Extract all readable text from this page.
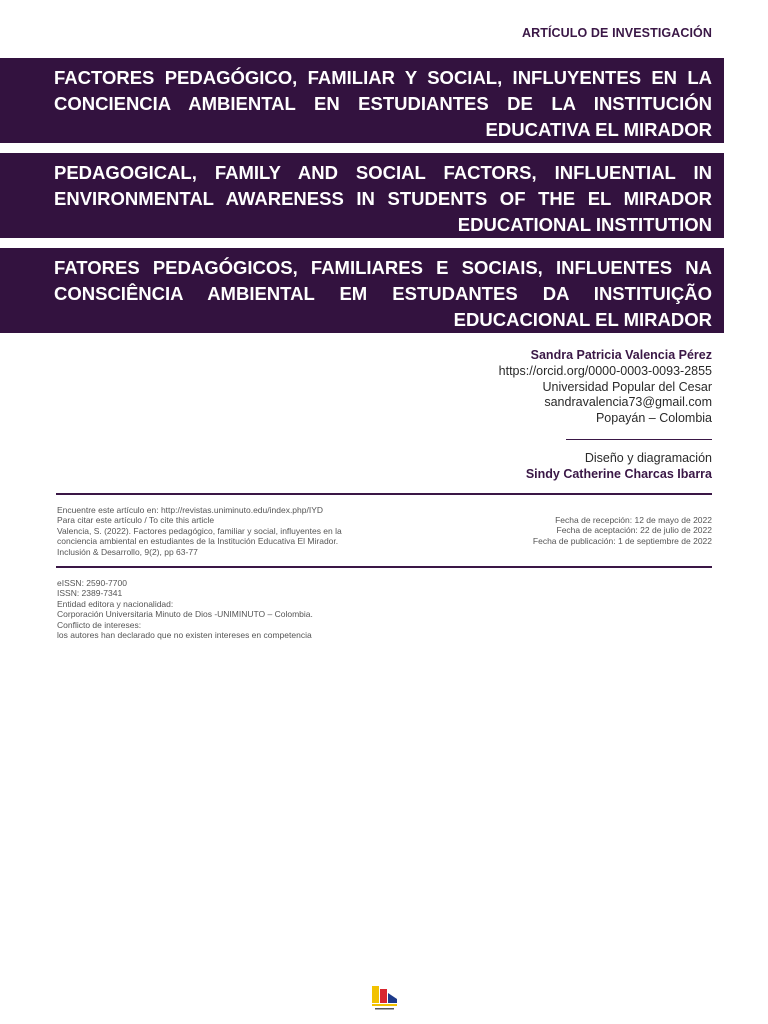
ARTÍCULO DE INVESTIGACIÓN
FACTORES PEDAGÓGICO, FAMILIAR Y SOCIAL, INFLUYENTES EN LA CONCIENCIA AMBIENTAL EN ESTUDIANTES DE LA INSTITUCIÓN EDUCATIVA EL MIRADOR
PEDAGOGICAL, FAMILY AND SOCIAL FACTORS, INFLUENTIAL IN ENVIRONMENTAL AWARENESS IN STUDENTS OF THE EL MIRADOR EDUCATIONAL INSTITUTION
FATORES PEDAGÓGICOS, FAMILIARES E SOCIAIS, INFLUENTES NA CONSCIÊNCIA AMBIENTAL EM ESTUDANTES DA INSTITUIÇÃO EDUCACIONAL EL MIRADOR
Sandra Patricia Valencia Pérez
https://orcid.org/0000-0003-0093-2855
Universidad Popular del Cesar
sandravalencia73@gmail.com
Popayán – Colombia
Diseño y diagramación
Sindy Catherine Charcas Ibarra
Encuentre este artículo en: http://revistas.uniminuto.edu/index.php/IYD
Para citar este artículo / To cite this article
Valencia, S. (2022). Factores pedagógico, familiar y social, influyentes en la
conciencia ambiental en estudiantes de la Institución Educativa El Mirador.
Inclusión & Desarrollo, 9(2), pp 63-77
Fecha de recepción: 12 de mayo de 2022
Fecha de aceptación: 22 de julio de 2022
Fecha de publicación: 1 de septiembre de 2022
eISSN: 2590-7700
ISSN: 2389-7341
Entidad editora y nacionalidad:
Corporación Universitaria Minuto de Dios -UNIMINUTO – Colombia.
Conflicto de intereses:
los autores han declarado que no existen intereses en competencia
